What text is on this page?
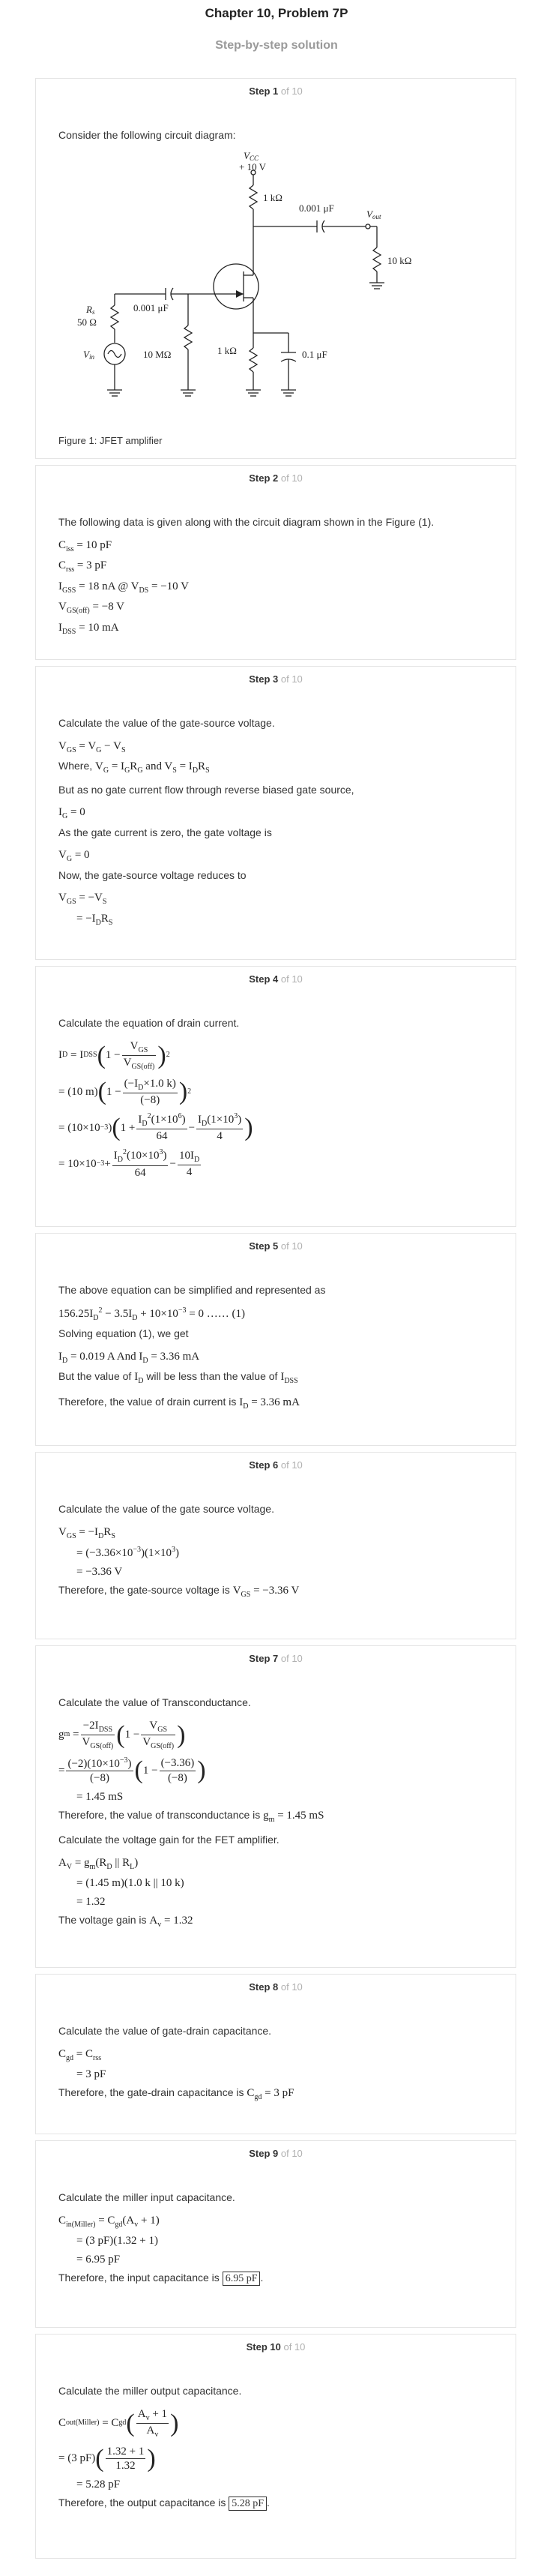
Chapter 10, Problem 7P
Step-by-step solution
Step 1 of 10

Consider the following circuit diagram:

VCC
+ 10 V
1 kΩ
0.001 μF
Vout
10 kΩ
Rs
50 Ω
0.001 μF
Vin	10 MΩ	1 kΩ	0.1 μF
Figure 1: JFET amplifier
Step 2 of 10

The following data is given along with the circuit diagram shown in the Figure (1).

$C_{iss} = 10$ pF
$C_{rss} = 3$ pF
$I_{GSS} = 18$ nA @ $V_{DS} = -10$ V
$V_{GS(off)} = -8$ V
$I_{DSS} = 10$ mA
Step 3 of 10

Calculate the value of the gate-source voltage.

$V_{GS} = V_G - V_S$

Where, $V_G = I_GR_G$ and $V_S = I_DR_S$

But as no gate current flow through reverse biased gate source,

$I_G = 0$

As the gate current is zero, the gate voltage is

$V_G = 0$

Now, the gate-source voltage reduces to

$V_{GS} = -V_S$
= $-I_DR_S$
Step 4 of 10

Calculate the equation of drain current.

I D = I DSS ( $1 - \frac{V_{GS}}{V_{GS(off)}}$ ) 2
= (10 m) ( $1 - \frac{(-I_D\times 1.0 k)}{(-8)}$ ) 2
= (10×10 −3 ) ( $1 + \frac{I_D^2(1\times 10^6)}{64} - \frac{I_D(1\times 10^3)}{4}$ )
= $10\times 10 -3 + \frac{I_D^2(10\times 10^3)}{64} - \frac{10I_D}{4}$
Step 5 of 10

The above equation can be simplified and represented as

$156.25I_D^2 - 3.5I_D + 10\times 10^{-3} = 0$ …… (1)

Solving equation (1), we get

$I_D = 0.019$ A And $I_D = 3.36$ mA

But the value of $I_D$ will be less than the value of $I_{DSS}$

Therefore, the value of drain current is $I_D = 3.36$ mA

Step 6 of 10

Calculate the value of the gate source voltage.

$V_{GS} = -I_DR_S$
= $(-3.36\times 10^{-3})(1\times 10^3)$
= −3.36 V

Therefore, the gate-source voltage is $V_{GS} = -3.36$ V

Step 7 of 10

Calculate the value of Transconductance.

g $m = \frac{-2I_{DSS}}{V_{GS(off)}}$ ( $1 - \frac{V_{GS}}{V_{GS(off)}}$ )
= $\frac{(-2)(10\times 10^{-3})}{(-8)}$ ( $1 - \frac{(-3.36)}{(-8)}$ )
= 1.45 mS

Therefore, the value of transconductance is $g_m = 1.45$ mS

Calculate the voltage gain for the FET amplifier.

$A_V = g_m(R_D$ || $R_L$)
= (1.45 m)(1.0 k || 10 k)
= 1.32

The voltage gain is $A_v = 1.32$

Step 8 of 10

Calculate the value of gate-drain capacitance.

$C_{gd} = C_{rss}$
= 3 pF

Therefore, the gate-drain capacitance is $C_{gd} = 3$ pF

Step 9 of 10

Calculate the miller input capacitance.

$C_{in(Miller)} = C_{gd}(A_v + 1)$
= (3 pF)(1.32 + 1)
= 6.95 pF

Therefore, the input capacitance is 6.95 pF .

Step 10 of 10

Calculate the miller output capacitance.

C out(Miller) = C gd ( $\frac{A_v + 1}{A_v}$ )
= (3 pF) ( $\frac{1.32 + 1}{1.32}$ )
= 5.28 pF

Therefore, the output capacitance is 5.28 pF .
